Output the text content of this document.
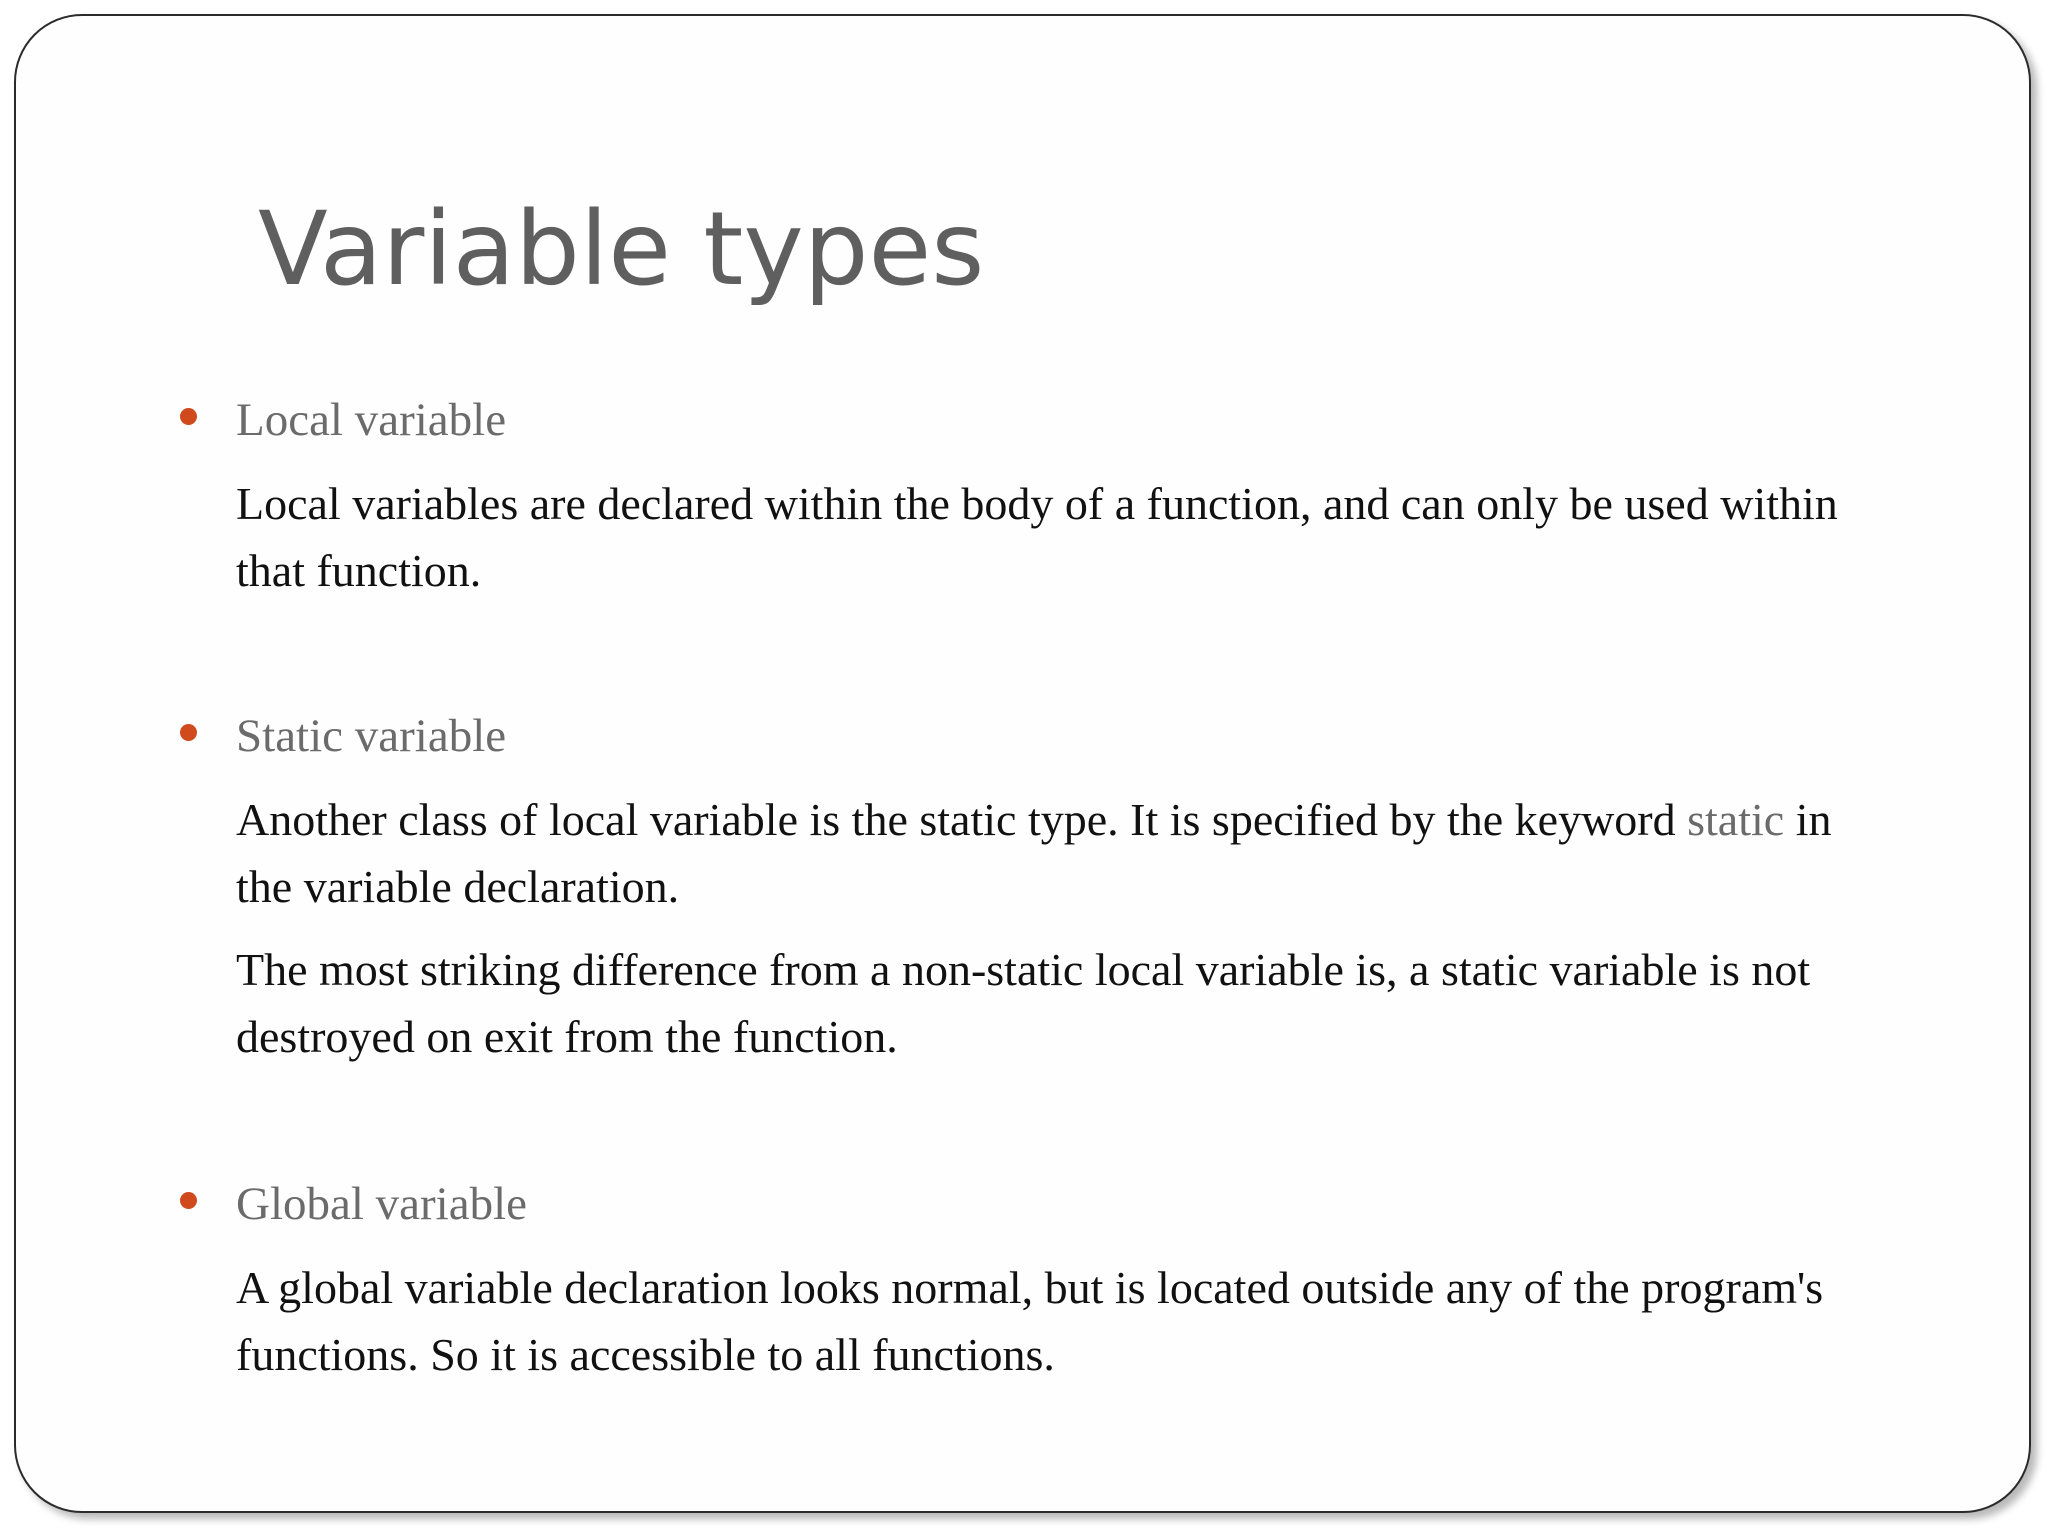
Variable types
Local variable
Local variables are declared within the body of a function, and can only be used within that function.
Static variable
Another class of local variable is the static type. It is specified by the keyword static in the variable declaration.
The most striking difference from a non-static local variable is, a static variable is not destroyed on exit from the function.
Global variable
A global variable declaration looks normal, but is located outside any of the program's functions. So it is accessible to all functions.
